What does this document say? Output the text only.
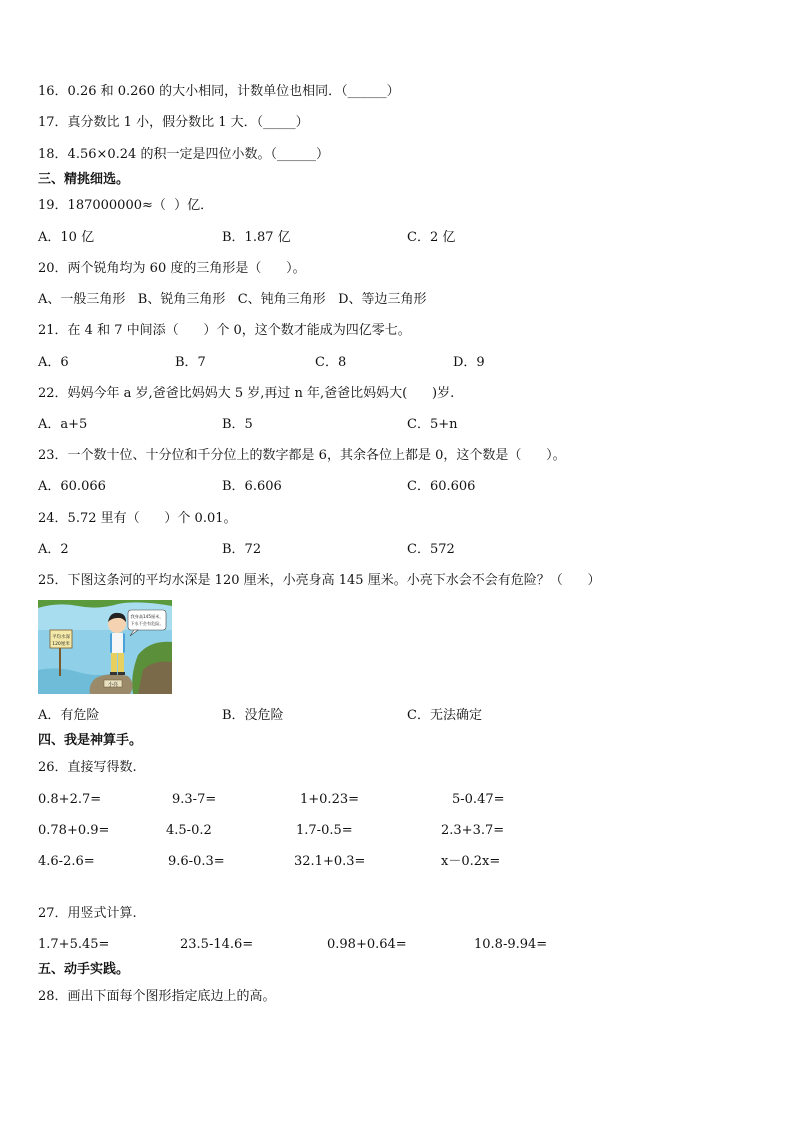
16．0.26 和 0.260 的大小相同，计数单位也相同．（______）
17．真分数比 1 小，假分数比 1 大．（_____）
18．4.56×0.24 的积一定是四位小数。（______）
三、精挑细选。
19．187000000≈（  ）亿．
A．10 亿	B．1.87 亿	C．2 亿
20．两个锐角均为 60 度的三角形是（      ）。
A、一般三角形   B、锐角三角形   C、钝角三角形   D、等边三角形
21．在 4 和 7 中间添（      ）个 0，这个数才能成为四亿零七。
A．6	B．7	C．8	D．9
22．妈妈今年 a 岁,爸爸比妈妈大 5 岁,再过 n 年,爸爸比妈妈大(      )岁.
A．a+5	B．5	C．5+n
23．一个数十位、十分位和千分位上的数字都是 6，其余各位上都是 0，这个数是（      ）。
A．60.066	B．6.606	C．60.606
24．5.72 里有（      ）个 0.01。
A．2	B．72	C．572
25．下图这条河的平均水深是 120 厘米，小亮身高 145 厘米。小亮下水会不会有危险？（      ）
小亮
平均水深
120厘米
我身高145厘米，
下水不会有危险。
A．有危险	B．没危险	C．无法确定
四、我是神算手。
26．直接写得数.
0.8+2.7=	9.3-7=	1+0.23=	5-0.47=
0.78+0.9=	4.5-0.2	1.7-0.5=	2.3+3.7=
4.6-2.6=	9.6-0.3=	32.1+0.3=	x－0.2x=
27．用竖式计算.
1.7+5.45=	23.5-14.6=	0.98+0.64=	10.8-9.94=
五、动手实践。
28．画出下面每个图形指定底边上的高。
